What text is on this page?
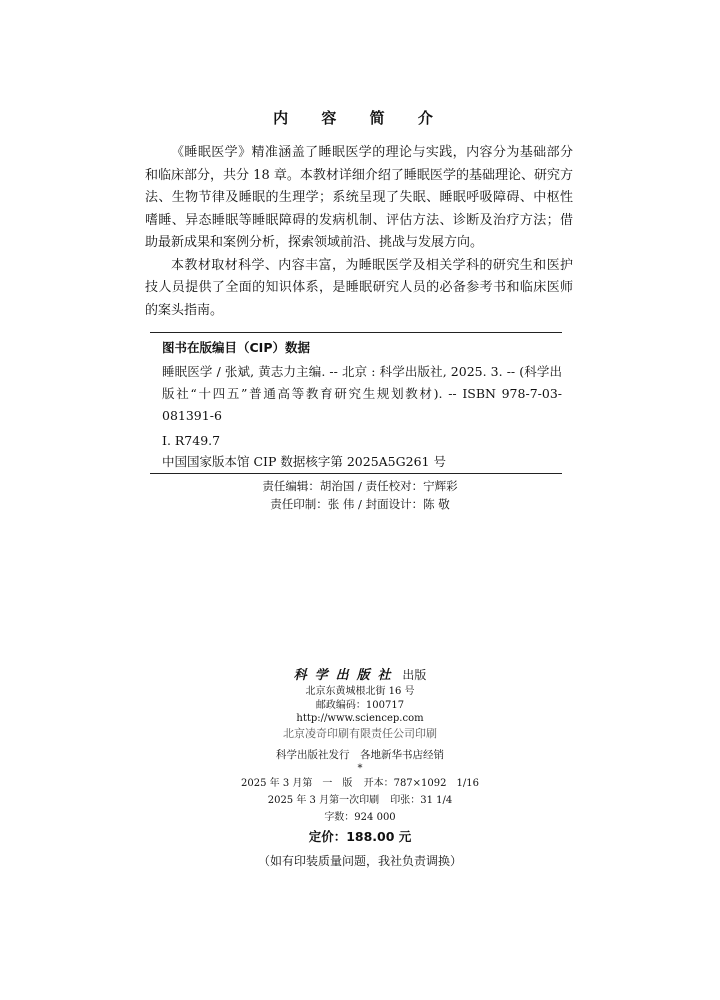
内 容 简 介

《睡眠医学》精准涵盖了睡眠医学的理论与实践，内容分为基础部分和临床部分，共分 18 章。本教材详细介绍了睡眠医学的基础理论、研究方法、生物节律及睡眠的生理学；系统呈现了失眠、睡眠呼吸障碍、中枢性嗜睡、异态睡眠等睡眠障碍的发病机制、评估方法、诊断及治疗方法；借助最新成果和案例分析，探索领域前沿、挑战与发展方向。

本教材取材科学、内容丰富，为睡眠医学及相关学科的研究生和医护技人员提供了全面的知识体系，是睡眠研究人员的必备参考书和临床医师的案头指南。

图书在版编目（CIP）数据
睡眠医学 / 张斌, 黄志力主编. -- 北京 : 科学出版社, 2025. 3. -- (科学出版社“十四五”普通高等教育研究生规划教材). -- ISBN 978-7-03-081391-6
I. R749.7
中国国家版本馆 CIP 数据核字第 2025A5G261 号
责任编辑：胡治国 / 责任校对：宁辉彩
责任印制：张 伟 / 封面设计：陈 敬
科学出版社 出版
北京东黄城根北街 16 号
邮政编码：100717
http://www.sciencep.com
北京凌奇印刷有限责任公司印刷
科学出版社发行　各地新华书店经销
*
2025 年 3 月第　一　版 开本：787×1092　1/16
2025 年 3 月第一次印刷 印张：31 1/4
字数：924 000
定价：188.00 元
（如有印装质量问题，我社负责调换）
